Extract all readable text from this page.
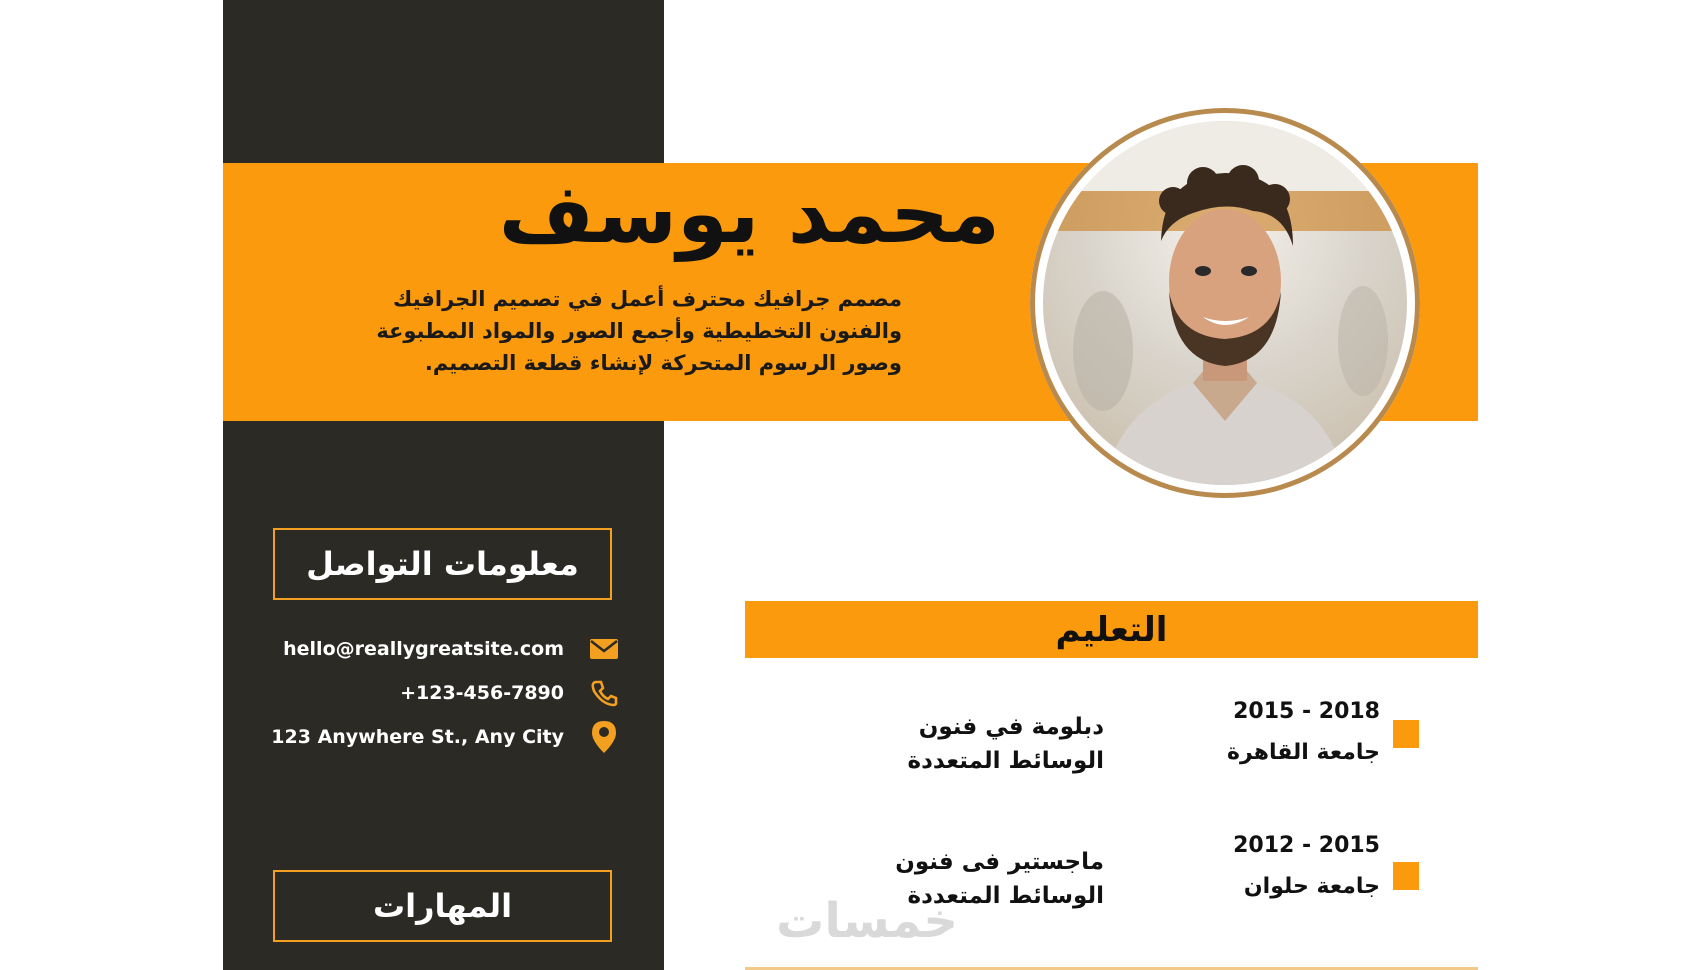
محمد يوسف
مصمم جرافيك محترف أعمل في تصميم الجرافيك والفنون التخطيطية وأجمع الصور والمواد المطبوعة وصور الرسوم المتحركة لإنشاء قطعة التصميم.
معلومات التواصل
hello@reallygreatsite.com
+123-456-7890
123 Anywhere St., Any City
المهارات
التعليم
2015 - 2018
جامعة القاهرة
دبلومة في فنون
الوسائط المتعددة
2012 - 2015
جامعة حلوان
ماجستير فى فنون
الوسائط المتعددة
خمسات
